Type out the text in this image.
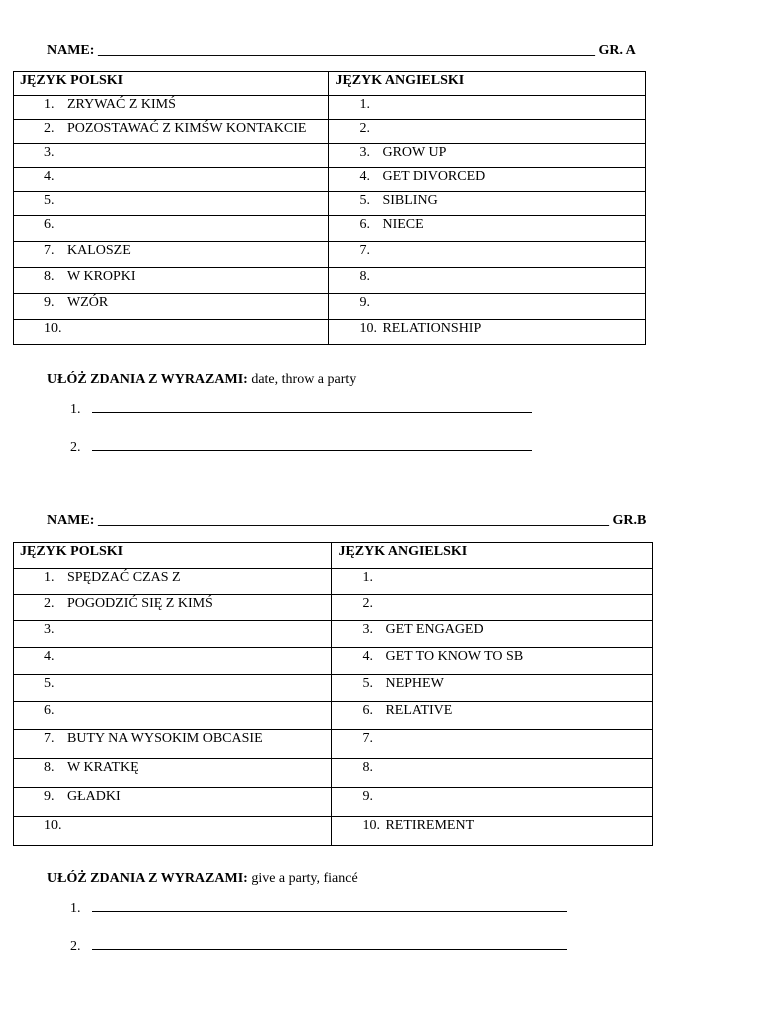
NAME: _______________________________________________________________________ GR. A
JĘZYK POLSKI	JĘZYK ANGIELSKI

1. ZRYWAĆ Z KIMŚ	1.

2. POZOSTAWAĆ Z KIMŚW KONTAKCIE	2.

3.	3. GROW UP

4.	4. GET DIVORCED

5.	5. SIBLING

6.	6. NIECE

7. KALOSZE	7.

8. W KROPKI	8.

9. WZÓR	9.

10.	10. RELATIONSHIP
UŁÓŻ ZDANIA Z WYRAZAMI: date, throw a party
1.
2.
NAME: _________________________________________________________________________ GR.B
JĘZYK POLSKI	JĘZYK ANGIELSKI

1. SPĘDZAĆ CZAS Z	1.

2. POGODZIĆ SIĘ Z KIMŚ	2.

3.	3. GET ENGAGED

4.	4. GET TO KNOW TO SB

5.	5. NEPHEW

6.	6. RELATIVE

7. BUTY NA WYSOKIM OBCASIE	7.

8. W KRATKĘ	8.

9. GŁADKI	9.

10.	10. RETIREMENT
UŁÓŻ ZDANIA Z WYRAZAMI: give a party, fiancé
1.
2.
